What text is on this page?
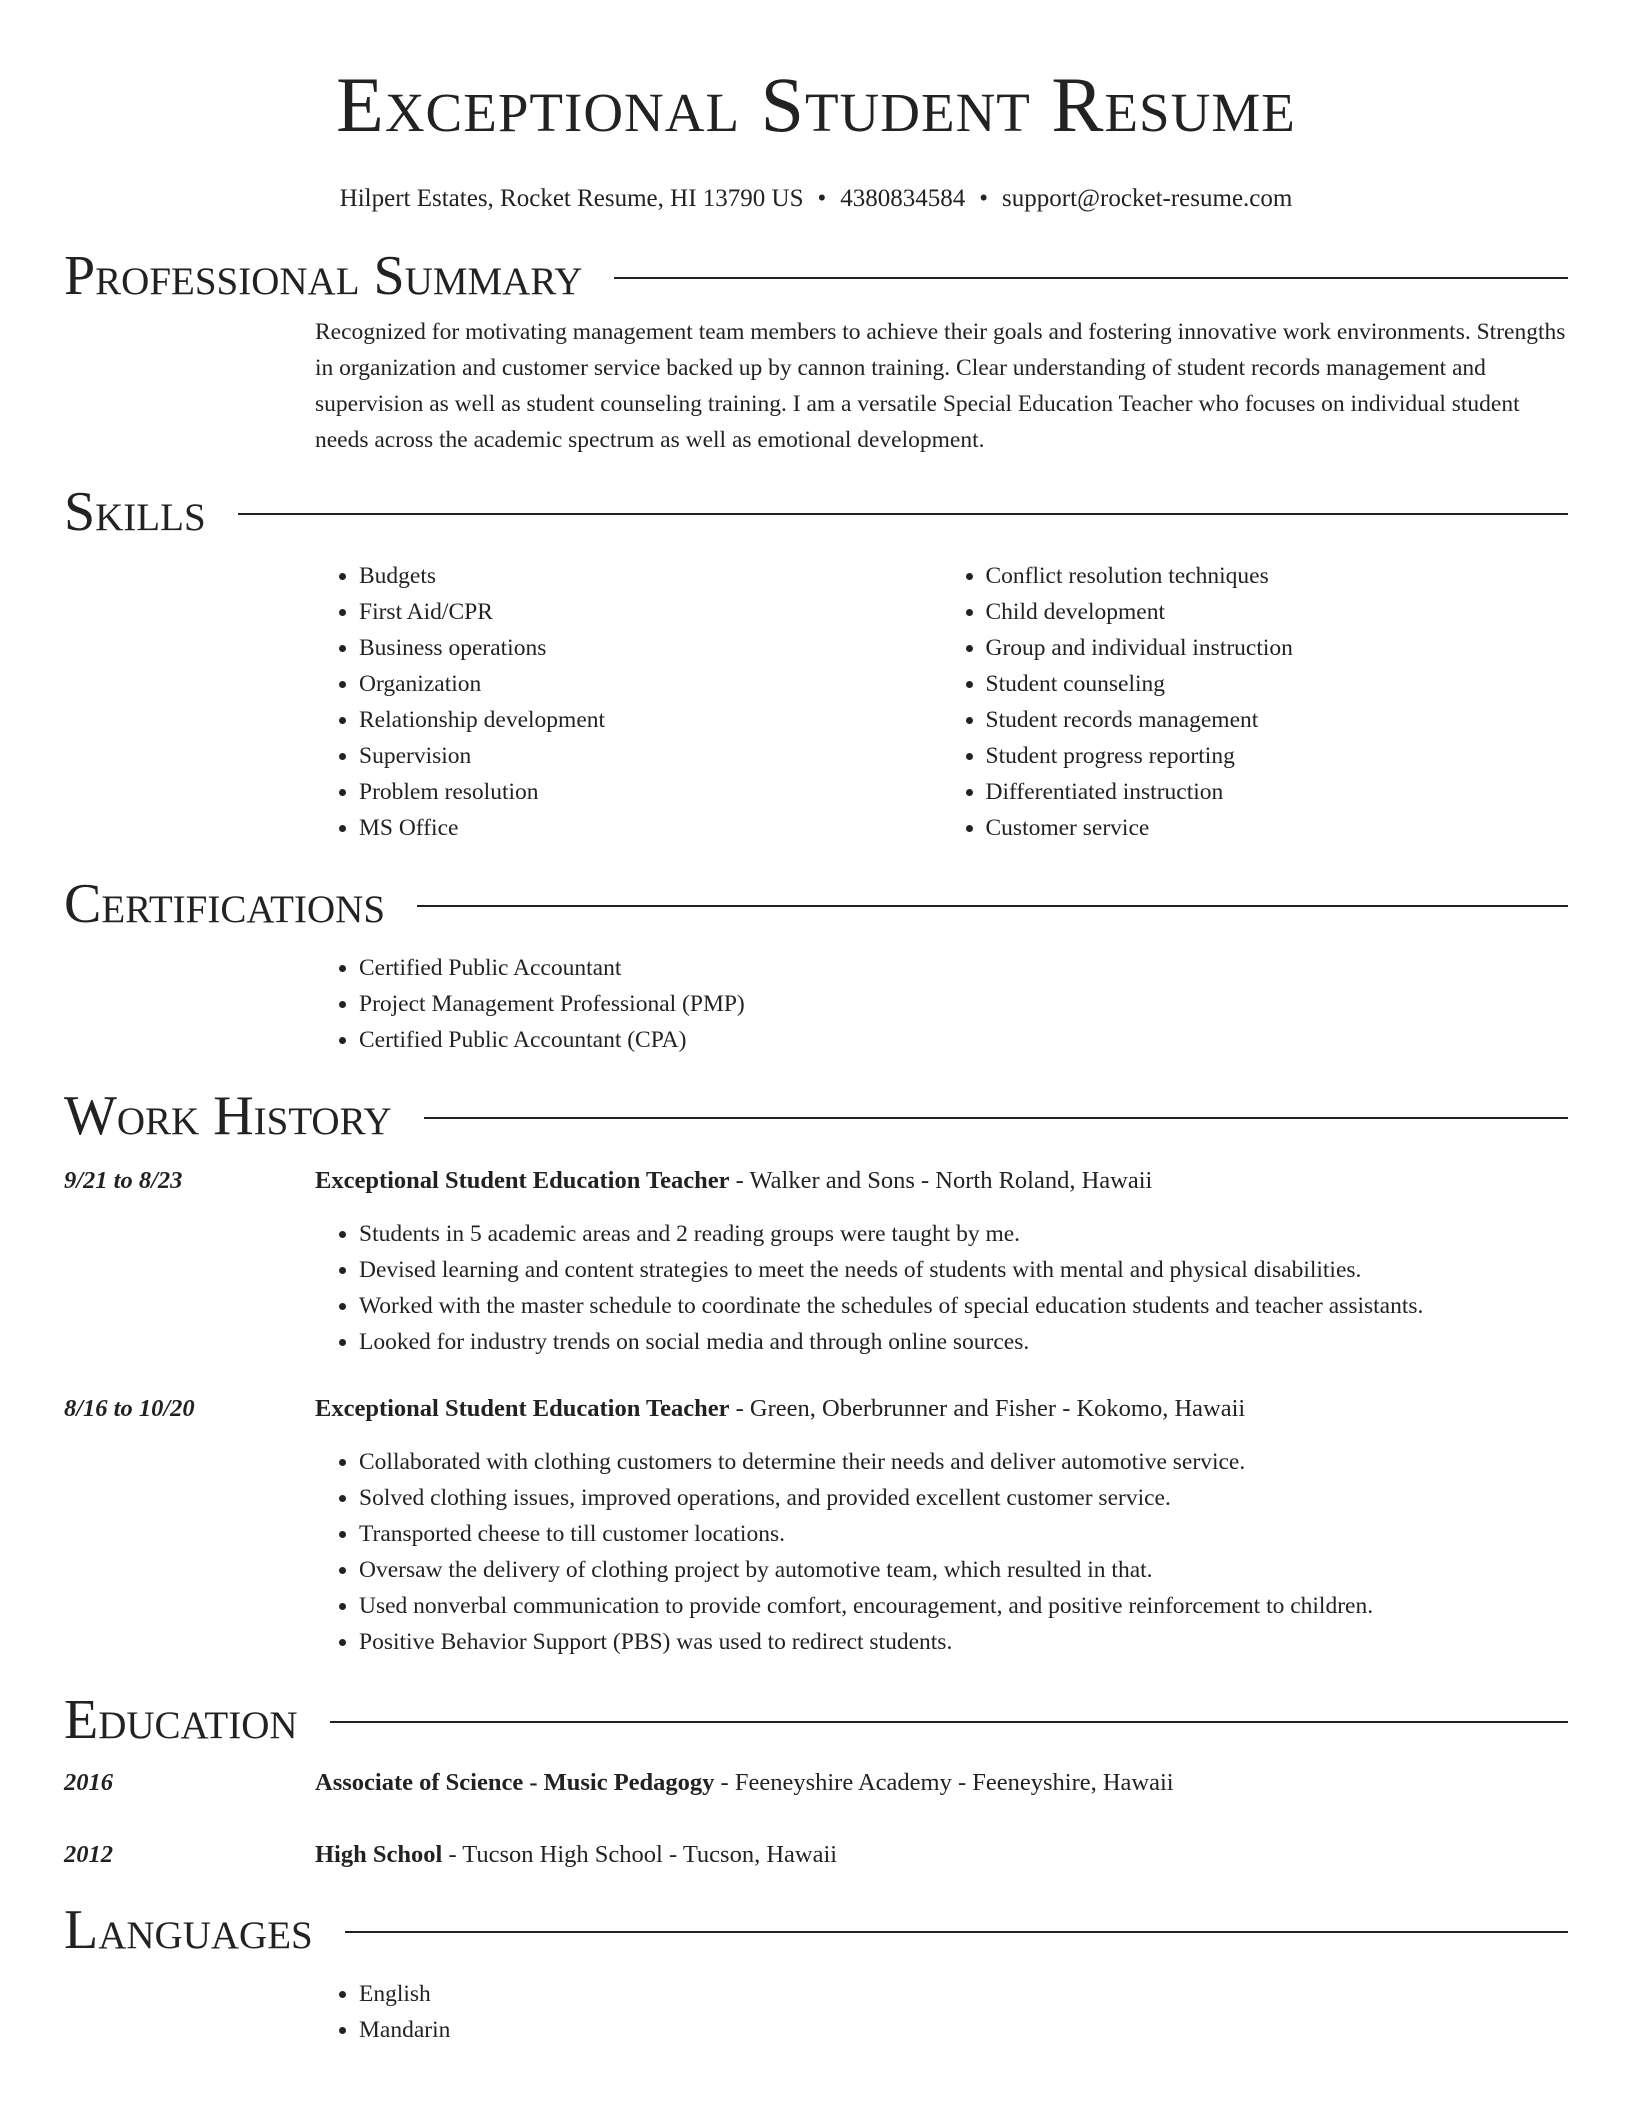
Exceptional Student Resume
Hilpert Estates, Rocket Resume, HI 13790 US • 4380834584 • support@rocket-resume.com
Professional Summary
Recognized for motivating management team members to achieve their goals and fostering innovative work environments. Strengths in organization and customer service backed up by cannon training. Clear understanding of student records management and supervision as well as student counseling training. I am a versatile Special Education Teacher who focuses on individual student needs across the academic spectrum as well as emotional development.
Skills
• Budgets
• First Aid/CPR
• Business operations
• Organization
• Relationship development
• Supervision
• Problem resolution
• MS Office
• Conflict resolution techniques
• Child development
• Group and individual instruction
• Student counseling
• Student records management
• Student progress reporting
• Differentiated instruction
• Customer service
Certifications
• Certified Public Accountant
• Project Management Professional (PMP)
• Certified Public Accountant (CPA)
Work History
9/21 to 8/23	Exceptional Student Education Teacher - Walker and Sons - North Roland, Hawaii
• Students in 5 academic areas and 2 reading groups were taught by me.
• Devised learning and content strategies to meet the needs of students with mental and physical disabilities.
• Worked with the master schedule to coordinate the schedules of special education students and teacher assistants.
• Looked for industry trends on social media and through online sources.
8/16 to 10/20	Exceptional Student Education Teacher - Green, Oberbrunner and Fisher - Kokomo, Hawaii
• Collaborated with clothing customers to determine their needs and deliver automotive service.
• Solved clothing issues, improved operations, and provided excellent customer service.
• Transported cheese to till customer locations.
• Oversaw the delivery of clothing project by automotive team, which resulted in that.
• Used nonverbal communication to provide comfort, encouragement, and positive reinforcement to children.
• Positive Behavior Support (PBS) was used to redirect students.
Education
2016	Associate of Science - Music Pedagogy - Feeneyshire Academy - Feeneyshire, Hawaii
2012	High School - Tucson High School - Tucson, Hawaii
Languages
• English
• Mandarin
